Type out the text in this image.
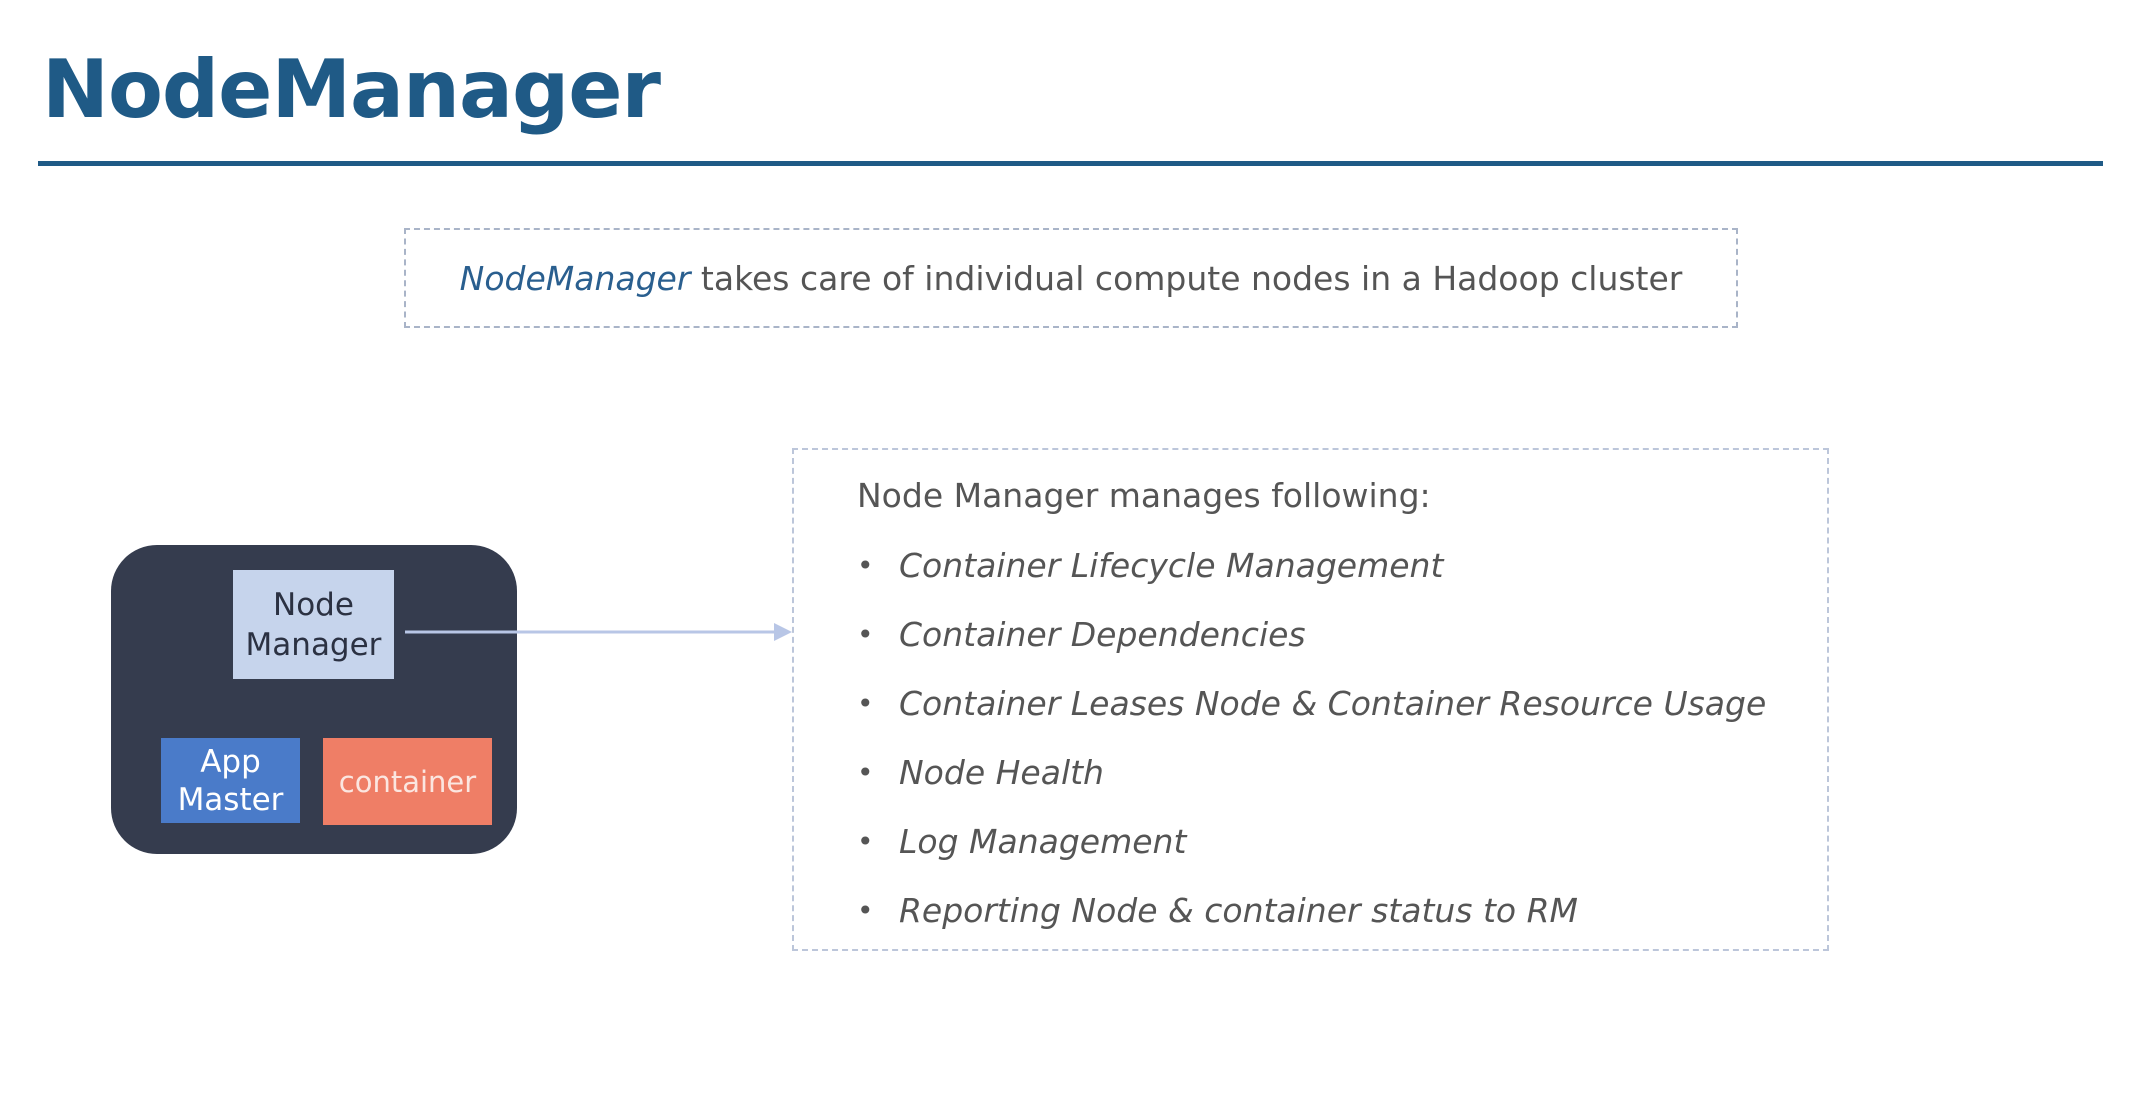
NodeManager
NodeManager takes care of individual compute nodes in a Hadoop cluster
Node
Manager
App
Master container
Node Manager manages following:
• Container Lifecycle Management
• Container Dependencies
• Container Leases Node & Container Resource Usage
• Node Health
• Log Management
• Reporting Node & container status to RM
